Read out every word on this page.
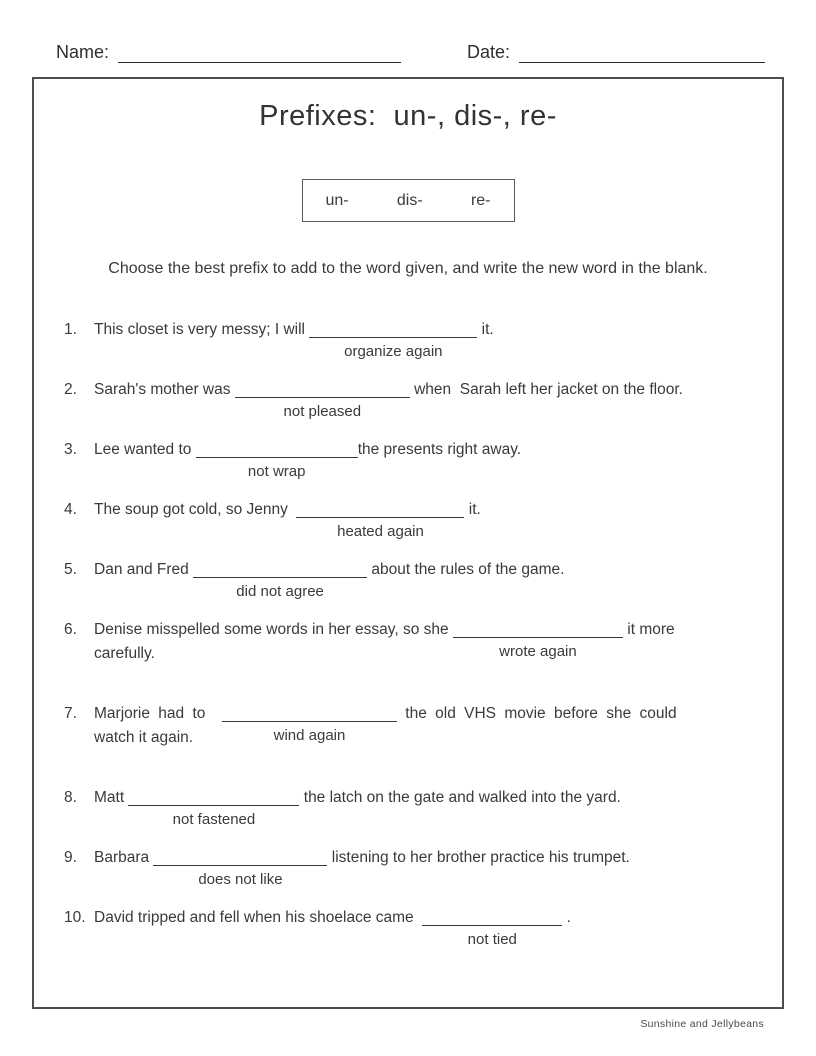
Name:	Date:
Prefixes:  un-, dis-, re-
un-	dis-	re-
Choose the best prefix to add to the word given, and write the new word in the blank.
1.	This closet is very messy; I will
organize again
it.
2.	Sarah's mother was
not pleased
when  Sarah left her jacket on the floor.
3.	Lee wanted to
not wrap
the presents right away.
4.	The soup got cold, so Jenny
heated again
it.
5.	Dan and Fred
did not agree
about the rules of the game.
6.	Denise misspelled some words in her essay, so she
wrote again
it more
carefully.
7.	Marjorie had to
wind again
the old VHS movie before she could
watch it again.
8.	Matt
not fastened
the latch on the gate and walked into the yard.
9.	Barbara
does not like
listening to her brother practice his trumpet.
10. David tripped and fell when his shoelace came
not tied
.
Sunshine and Jellybeans
